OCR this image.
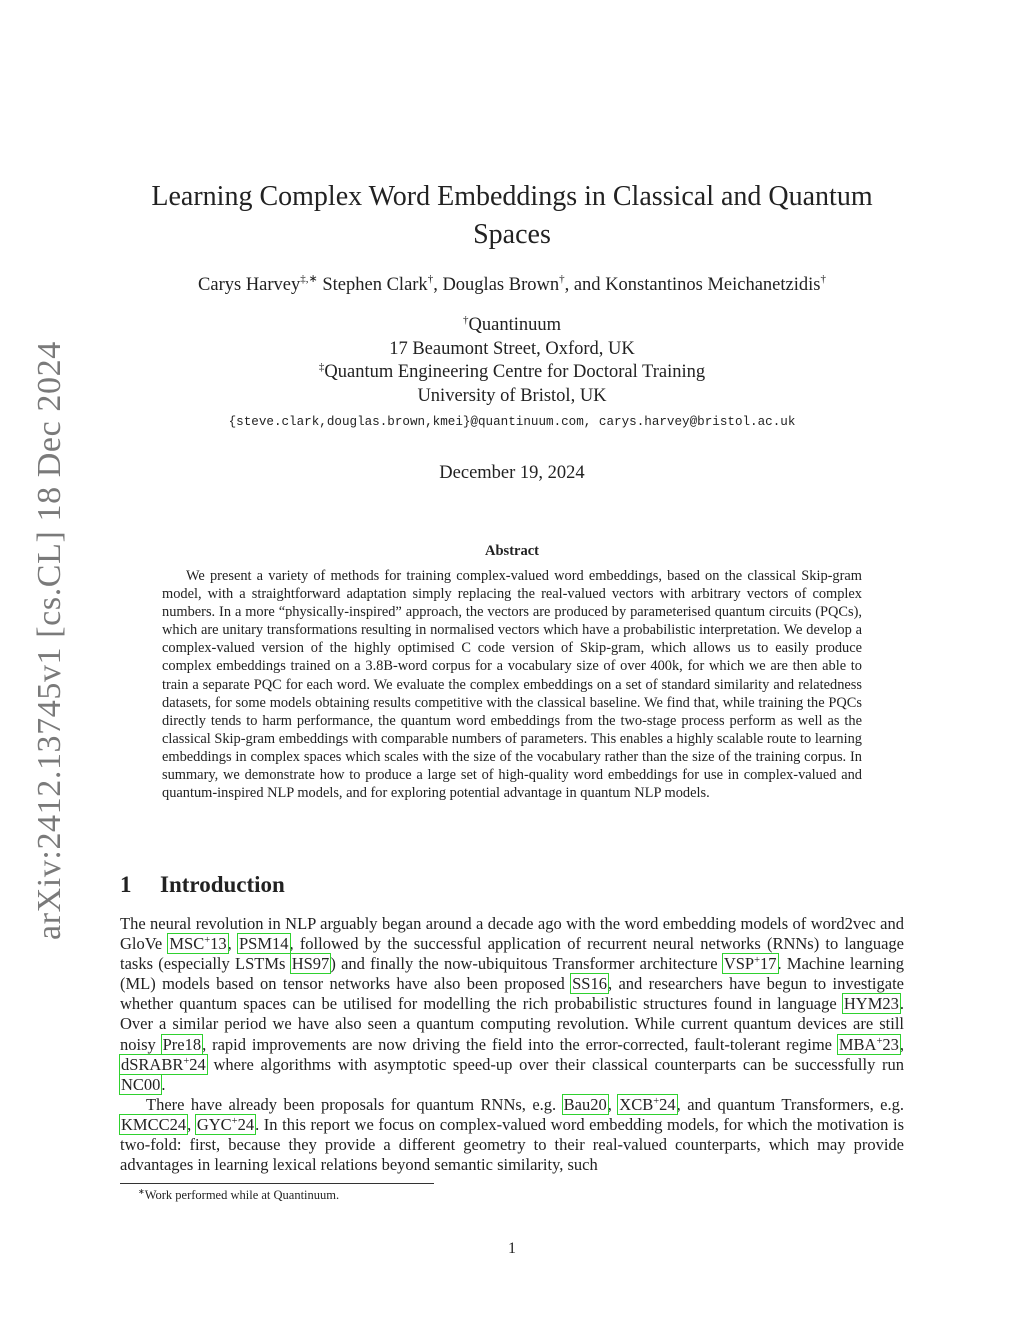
arXiv:2412.13745v1 [cs.CL] 18 Dec 2024
Learning Complex Word Embeddings in Classical and Quantum
Spaces
Carys Harvey‡,∗ Stephen Clark†, Douglas Brown†, and Konstantinos Meichanetzidis†
†Quantinuum
17 Beaumont Street, Oxford, UK
‡Quantum Engineering Centre for Doctoral Training
University of Bristol, UK
{steve.clark,douglas.brown,kmei}@quantinuum.com, carys.harvey@bristol.ac.uk
December 19, 2024
Abstract
We present a variety of methods for training complex-valued word embeddings, based on the classical Skip-gram model, with a straightforward adaptation simply replacing the real-valued vectors with arbitrary vectors of complex numbers. In a more “physically-inspired” approach, the vectors are produced by parameterised quantum circuits (PQCs), which are unitary transformations resulting in normalised vectors which have a probabilistic interpretation. We develop a complex-valued version of the highly optimised C code version of Skip-gram, which allows us to easily produce complex embeddings trained on a 3.8B-word corpus for a vocabulary size of over 400k, for which we are then able to train a separate PQC for each word. We evaluate the complex embeddings on a set of standard similarity and relatedness datasets, for some models obtaining results competitive with the classical baseline. We find that, while training the PQCs directly tends to harm performance, the quantum word embeddings from the two-stage process perform as well as the classical Skip-gram embeddings with comparable numbers of parameters. This enables a highly scalable route to learning embeddings in complex spaces which scales with the size of the vocabulary rather than the size of the training corpus. In summary, we demonstrate how to produce a large set of high-quality word embeddings for use in complex-valued and quantum-inspired NLP models, and for exploring potential advantage in quantum NLP models.
1 Introduction

The neural revolution in NLP arguably began around a decade ago with the word embedding models of word2vec and GloVe MSC+13, PSM14, followed by the successful application of recurrent neural networks (RNNs) to language tasks (especially LSTMs HS97) and finally the now-ubiquitous Transformer architecture VSP+17. Machine learning (ML) models based on tensor networks have also been proposed SS16, and researchers have begun to investigate whether quantum spaces can be utilised for modelling the rich probabilistic structures found in language HYM23. Over a similar period we have also seen a quantum computing revolution. While current quantum devices are still noisy Pre18, rapid improvements are now driving the field into the error-corrected, fault-tolerant regime MBA+23, dSRABR+24 where algorithms with asymptotic speed-up over their classical counterparts can be successfully run NC00.

There have already been proposals for quantum RNNs, e.g. Bau20, XCB+24, and quantum Transformers, e.g. KMCC24, GYC+24. In this report we focus on complex-valued word embedding models, for which the motivation is two-fold: first, because they provide a different geometry to their real-valued counterparts, which may provide advantages in learning lexical relations beyond semantic similarity, such

∗Work performed while at Quantinuum.
1
